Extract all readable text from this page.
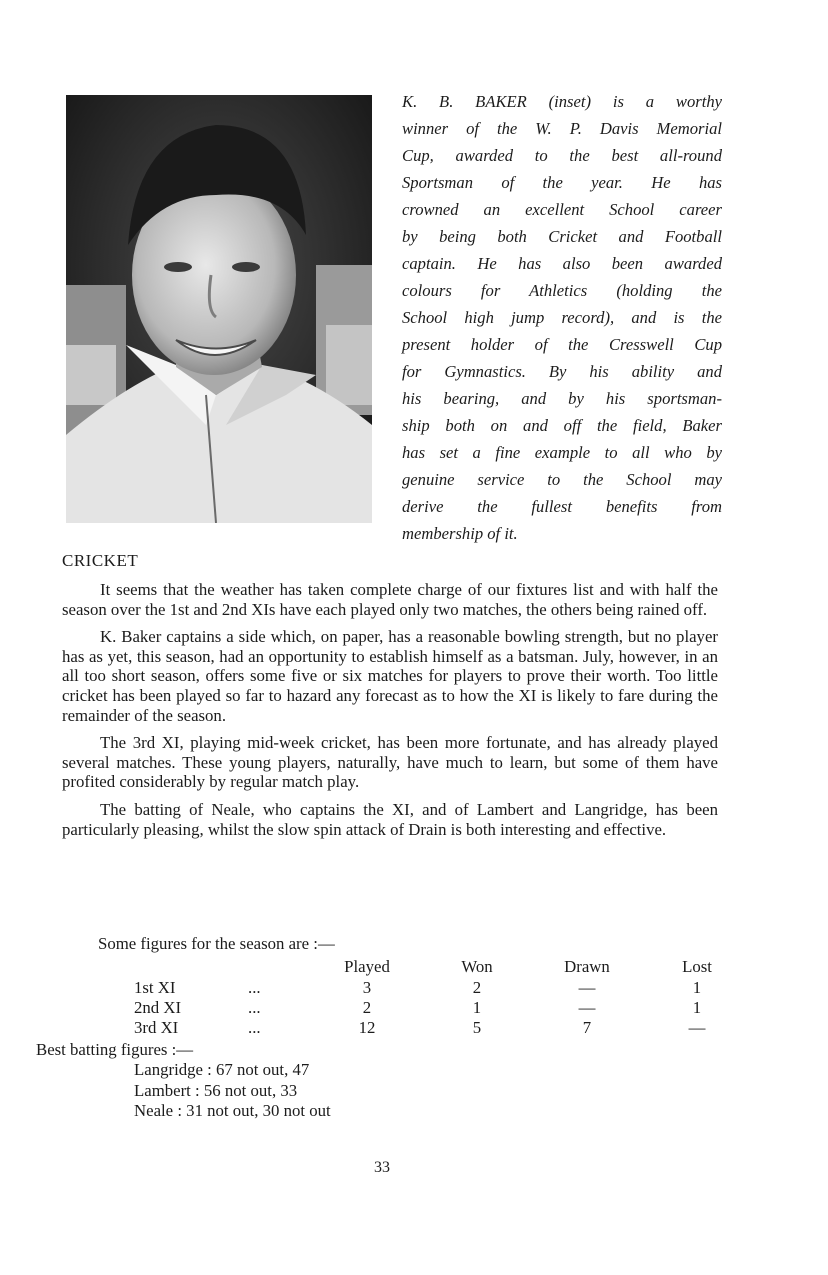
K. B. BAKER (inset) is a worthy
winner of the W. P. Davis Memorial
Cup, awarded to the best all-round
Sportsman of the year. He has
crowned an excellent School career
by being both Cricket and Football
captain. He has also been awarded
colours for Athletics (holding the
School high jump record), and is the
present holder of the Cresswell Cup
for Gymnastics. By his ability and
his bearing, and by his sportsman-
ship both on and off the field, Baker
has set a fine example to all who by
genuine service to the School may
derive the fullest benefits from
membership of it.
CRICKET

It seems that the weather has taken complete charge of our fixtures list and with half the season over the 1st and 2nd XIs have each played only two matches, the others being rained off.

K. Baker captains a side which, on paper, has a reasonable bowling strength, but no player has as yet, this season, had an opportunity to establish himself as a batsman. July, however, in an all too short season, offers some five or six matches for players to prove their worth. Too little cricket has been played so far to hazard any forecast as to how the XI is likely to fare during the remainder of the season.

The 3rd XI, playing mid-week cricket, has been more fortunate, and has already played several matches. These young players, naturally, have much to learn, but some of them have profited considerably by regular match play.

The batting of Neale, who captains the XI, and of Lambert and Langridge, has been particularly pleasing, whilst the slow spin attack of Drain is both interesting and effective.

Some figures for the season are :—
Played	Won	Drawn	Lost
1st XI	...	3	2	—	1
2nd XI	...	2	1	—	1
3rd XI	...	12	5	7	—
Best batting figures :—
Langridge : 67 not out, 47
Lambert : 56 not out, 33
Neale : 31 not out, 30 not out
33
